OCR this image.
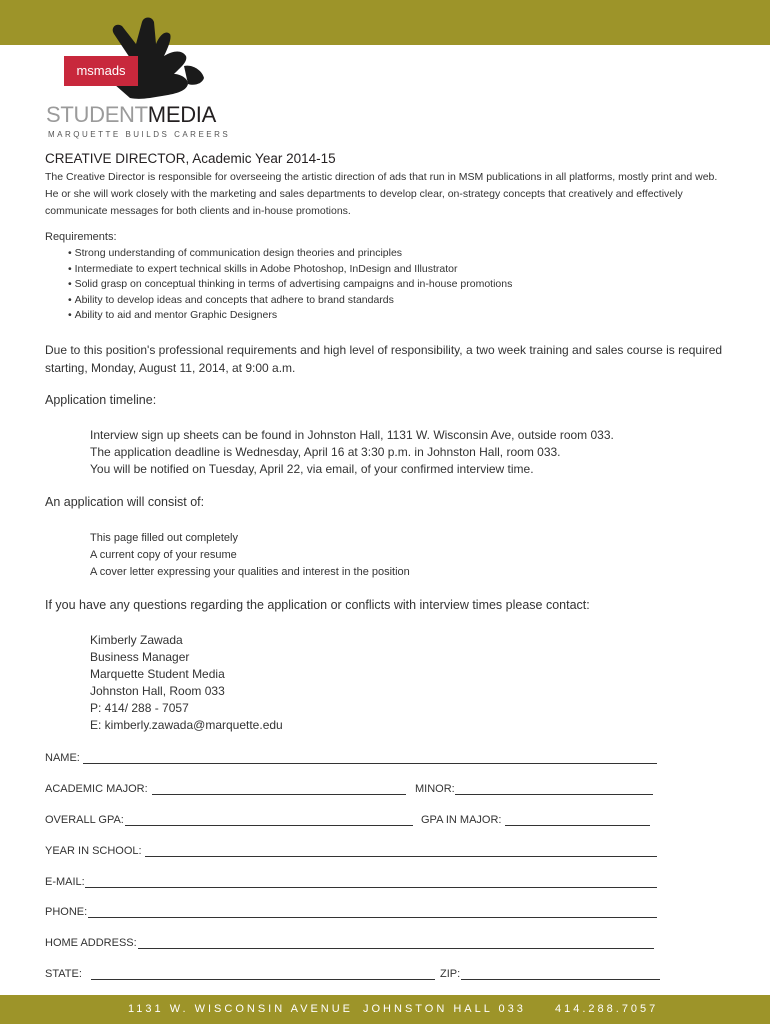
msmads
STUDENTMEDIA
MARQUETTE BUILDS CAREERS
CREATIVE DIRECTOR, Academic Year 2014-15
The Creative Director is responsible for overseeing the artistic direction of ads that run in MSM publications in all platforms, mostly print and web. He or she will work closely with the marketing and sales departments to develop clear, on-strategy concepts that creatively and effectively communicate messages for both clients and in-house promotions.
Requirements:
• Strong understanding of communication design theories and principles
• Intermediate to expert technical skills in Adobe Photoshop, InDesign and Illustrator
• Solid grasp on conceptual thinking in terms of advertising campaigns and in-house promotions
• Ability to develop ideas and concepts that adhere to brand standards
• Ability to aid and mentor Graphic Designers
Due to this position's professional requirements and high level of responsibility, a two week training and sales course is required starting, Monday, August 11, 2014, at 9:00 a.m.
Application timeline:
Interview sign up sheets can be found in Johnston Hall, 1131 W. Wisconsin Ave, outside room 033.
The application deadline is Wednesday, April 16 at 3:30 p.m. in Johnston Hall, room 033.
You will be notified on Tuesday, April 22, via email, of your confirmed interview time.
An application will consist of:
This page filled out completely
A current copy of your resume
A cover letter expressing your qualities and interest in the position
If you have any questions regarding the application or conflicts with interview times please contact:
Kimberly Zawada
Business Manager
Marquette Student Media
Johnston Hall, Room 033
P: 414/ 288 - 7057
E: kimberly.zawada@marquette.edu
NAME:
ACADEMIC MAJOR:	MINOR:
OVERALL GPA:	GPA IN MAJOR:
YEAR IN SCHOOL:
E-MAIL:
PHONE:
HOME ADDRESS:
STATE:	ZIP:
1131 W. WISCONSIN AVENUE JOHNSTON HALL 033	414.288.7057
